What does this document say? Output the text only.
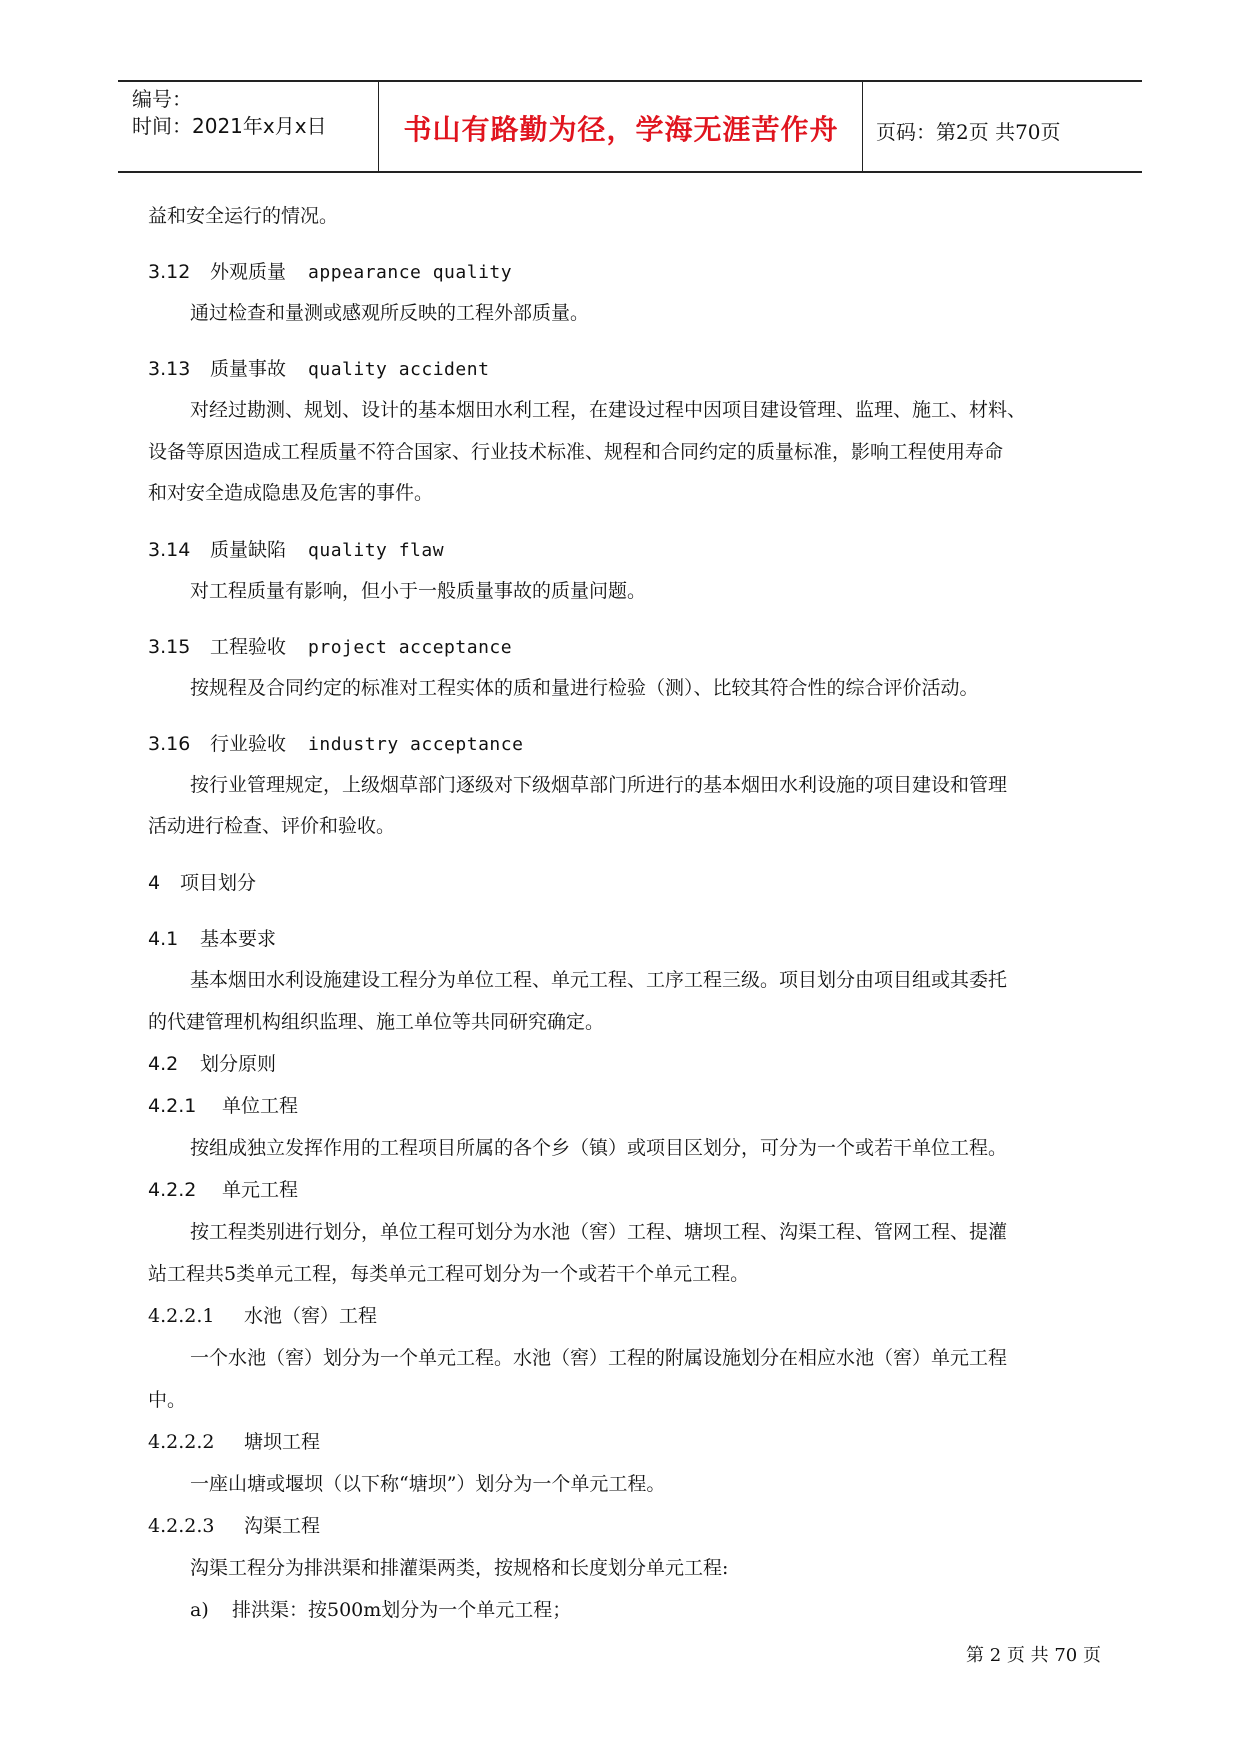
编号：
时间：2021年x月x日	书山有路勤为径，学海无涯苦作舟	页码：第2页 共70页
益和安全运行的情况。
3.12 外观质量 appearance quality
通过检查和量测或感观所反映的工程外部质量。
3.13 质量事故 quality accident
对经过勘测、规划、设计的基本烟田水利工程，在建设过程中因项目建设管理、监理、施工、材料、
设备等原因造成工程质量不符合国家、行业技术标准、规程和合同约定的质量标准，影响工程使用寿命
和对安全造成隐患及危害的事件。
3.14 质量缺陷 quality flaw
对工程质量有影响，但小于一般质量事故的质量问题。
3.15 工程验收 project acceptance
按规程及合同约定的标准对工程实体的质和量进行检验（测）、比较其符合性的综合评价活动。
3.16 行业验收 industry acceptance
按行业管理规定，上级烟草部门逐级对下级烟草部门所进行的基本烟田水利设施的项目建设和管理
活动进行检查、评价和验收。
4 项目划分
4.1 基本要求
基本烟田水利设施建设工程分为单位工程、单元工程、工序工程三级。项目划分由项目组或其委托
的代建管理机构组织监理、施工单位等共同研究确定。
4.2 划分原则
4.2.1 单位工程
按组成独立发挥作用的工程项目所属的各个乡（镇）或项目区划分，可分为一个或若干单位工程。
4.2.2 单元工程
按工程类别进行划分，单位工程可划分为水池（窖）工程、塘坝工程、沟渠工程、管网工程、提灌
站工程共5类单元工程，每类单元工程可划分为一个或若干个单元工程。
4.2.2.1 水池（窖）工程
一个水池（窖）划分为一个单元工程。水池（窖）工程的附属设施划分在相应水池（窖）单元工程
中。
4.2.2.2 塘坝工程
一座山塘或堰坝（以下称“塘坝”）划分为一个单元工程。
4.2.2.3 沟渠工程
沟渠工程分为排洪渠和排灌渠两类，按规格和长度划分单元工程:
a) 排洪渠：按500m划分为一个单元工程；
第 2 页 共 70 页
